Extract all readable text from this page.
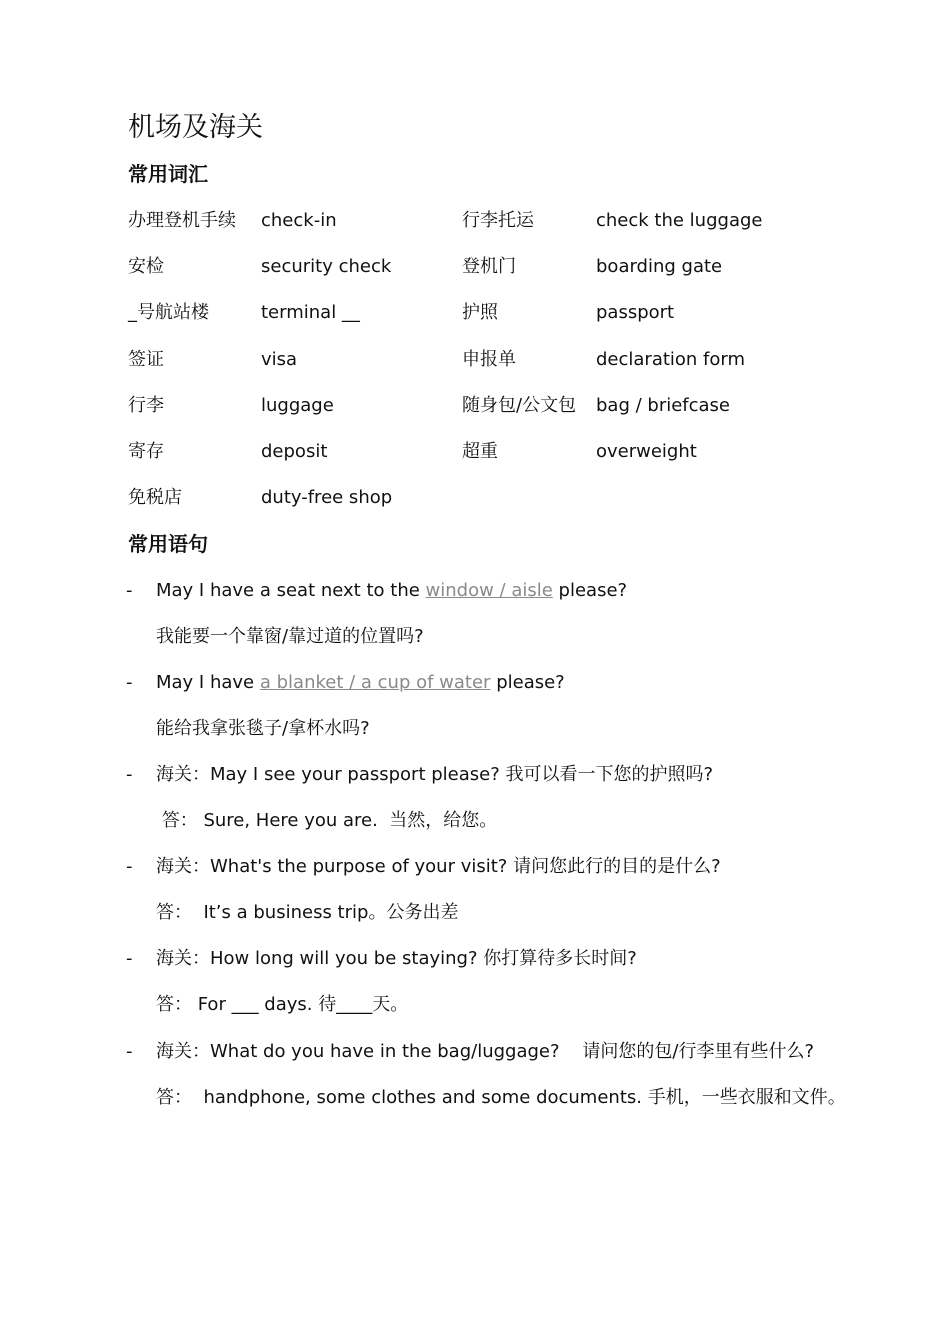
机场及海关
常用词汇
办理登机手续 check-in	行李托运	check the luggage
安检	security check	登机门	boarding gate
_号航站楼	terminal __	护照	passport
签证	visa	申报单	declaration form
行李	luggage	随身包/公文包 bag / briefcase
寄存	deposit	超重	overweight
免税店	duty-free shop
常用语句
- May I have a seat next to the window / aisle please?
我能要一个靠窗/靠过道的位置吗?
- May I have a blanket / a cup of water please?
能给我拿张毯子/拿杯水吗?
- 海关：May I see your passport please? 我可以看一下您的护照吗?
答： Sure, Here you are.  当然，给您。
- 海关：What's the purpose of your visit? 请问您此行的目的是什么?
答：  It’s a business trip。公务出差
- 海关：How long will you be staying? 你打算待多长时间?
答： For ___ days. 待____天。
- 海关：What do you have in the bag/luggage?    请问您的包/行李里有些什么?
答：  handphone, some clothes and some documents. 手机，一些衣服和文件。
